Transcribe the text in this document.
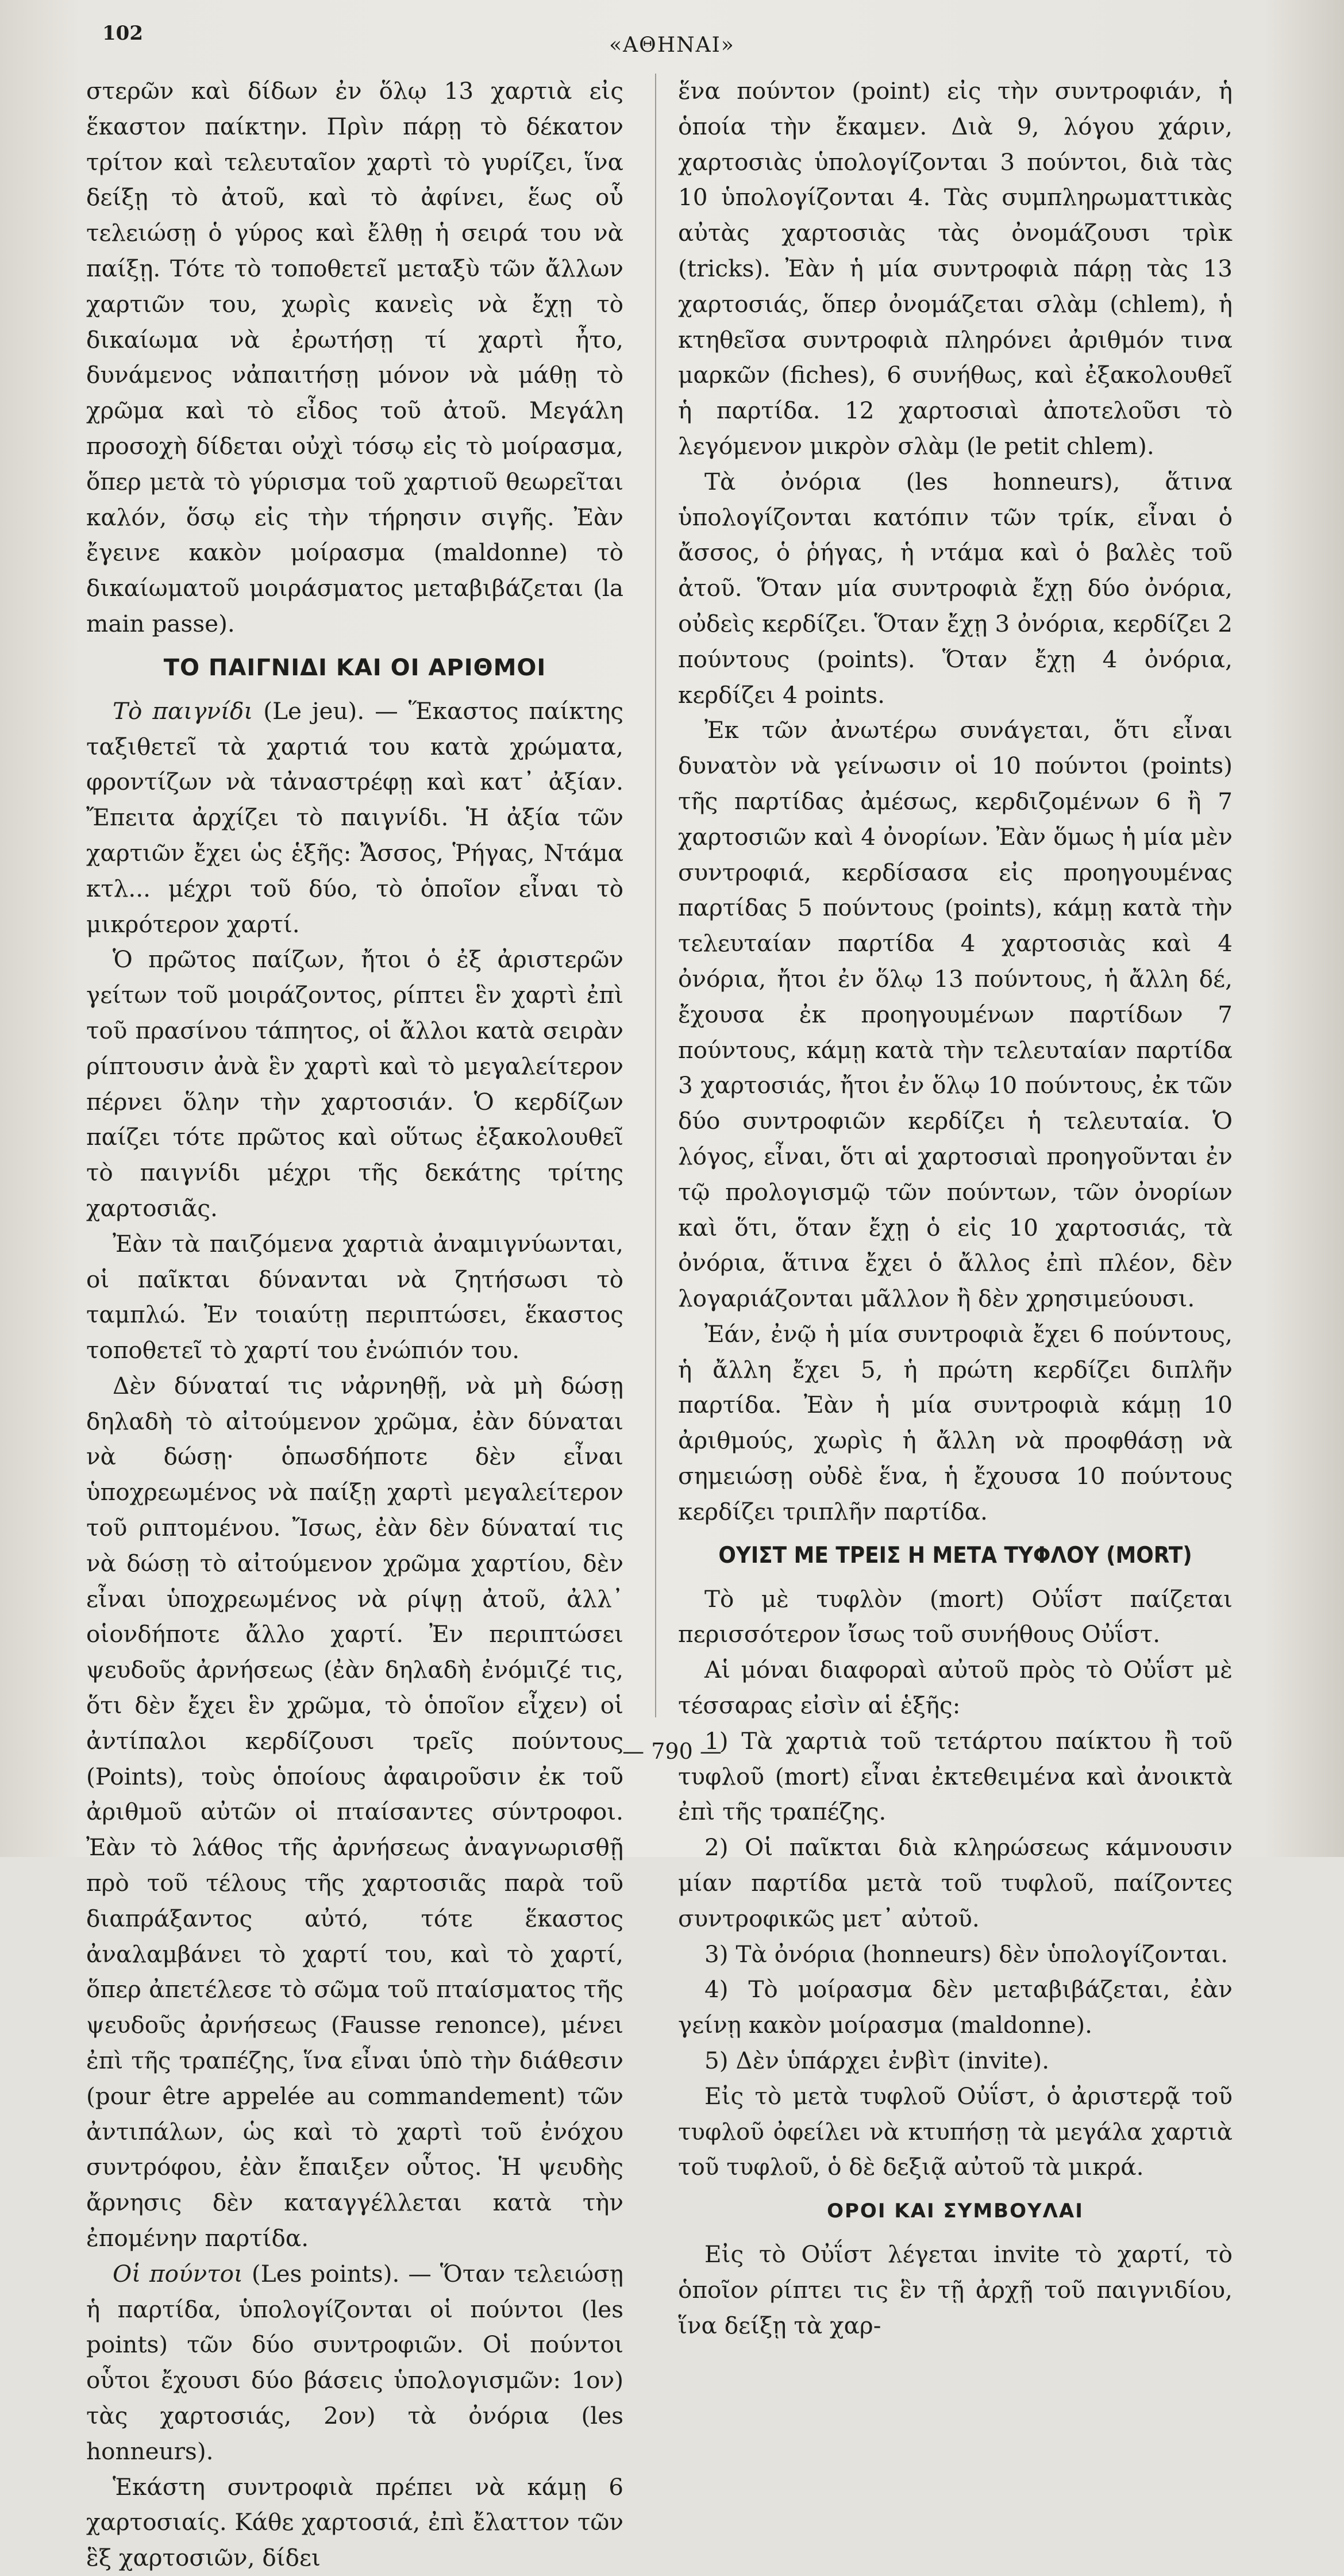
102	«ΑΘΗΝΑΙ»

στερῶν καὶ δίδων ἐν ὅλῳ 13 χαρτιὰ εἰς ἕκαστον παίκτην. Πρὶν πάρῃ τὸ δέκατον τρίτον καὶ τελευταῖον χαρτὶ τὸ γυρίζει, ἵνα δείξῃ τὸ ἀτοῦ, καὶ τὸ ἀφίνει, ἕως οὗ τελειώσῃ ὁ γύρος καὶ ἔλθῃ ἡ σειρά του νὰ παίξῃ. Τότε τὸ τοποθετεῖ μεταξὺ τῶν ἄλλων χαρτιῶν του, χωρὶς κανεὶς νὰ ἔχῃ τὸ δικαίωμα νὰ ἐρωτήσῃ τί χαρτὶ ἦτο, δυνάμενος νἀπαιτήσῃ μόνον νὰ μάθῃ τὸ χρῶμα καὶ τὸ εἶδος τοῦ ἀτοῦ. Μεγάλη προσοχὴ δίδεται οὐχὶ τόσῳ εἰς τὸ μοίρασμα, ὅπερ μετὰ τὸ γύρισμα τοῦ χαρτιοῦ θεωρεῖται καλόν, ὅσῳ εἰς τὴν τήρησιν σιγῆς. Ἐὰν ἔγεινε κακὸν μοίρασμα (maldonne) τὸ δικαίωματοῦ μοιράσματος μεταβιβάζεται (la main passe).

ΤΟ ΠΑΙΓΝΙΔΙ ΚΑΙ ΟΙ ΑΡΙΘΜΟΙ

Τὸ παιγνίδι (Le jeu). — Ἕκαστος παίκτης ταξιθετεῖ τὰ χαρτιά του κατὰ χρώματα, φροντίζων νὰ τἀναστρέφῃ καὶ κατ᾽ ἀξίαν. Ἔπειτα ἀρχίζει τὸ παιγνίδι. Ἡ ἀξία τῶν χαρτιῶν ἔχει ὡς ἑξῆς: Ἄσσος, Ῥήγας, Ντάμα κτλ... μέχρι τοῦ δύο, τὸ ὁποῖον εἶναι τὸ μικρότερον χαρτί.

Ὁ πρῶτος παίζων, ἤτοι ὁ ἐξ ἀριστερῶν γείτων τοῦ μοιράζοντος, ρίπτει ἓν χαρτὶ ἐπὶ τοῦ πρασίνου τάπητος, οἱ ἄλλοι κατὰ σειρὰν ρίπτουσιν ἀνὰ ἓν χαρτὶ καὶ τὸ μεγαλείτερον πέρνει ὅλην τὴν χαρτοσιάν. Ὁ κερδίζων παίζει τότε πρῶτος καὶ οὕτως ἐξακολουθεῖ τὸ παιγνίδι μέχρι τῆς δεκάτης τρίτης χαρτοσιᾶς.

Ἐὰν τὰ παιζόμενα χαρτιὰ ἀναμιγνύωνται, οἱ παῖκται δύνανται νὰ ζητήσωσι τὸ ταμπλώ. Ἐν τοιαύτῃ περιπτώσει, ἕκαστος τοποθετεῖ τὸ χαρτί του ἐνώπιόν του.

Δὲν δύναταί τις νἀρνηθῇ, νὰ μὴ δώσῃ δηλαδὴ τὸ αἰτούμενον χρῶμα, ἐὰν δύναται νὰ δώσῃ· ὁπωσδήποτε δὲν εἶναι ὑποχρεωμένος νὰ παίξῃ χαρτὶ μεγαλείτερον τοῦ ριπτομένου. Ἴσως, ἐὰν δὲν δύναταί τις νὰ δώσῃ τὸ αἰτούμενον χρῶμα χαρτίου, δὲν εἶναι ὑποχρεωμένος νὰ ρίψῃ ἀτοῦ, ἀλλ᾽ οἱονδήποτε ἄλλο χαρτί. Ἐν περιπτώσει ψευδοῦς ἀρνήσεως (ἐὰν δηλαδὴ ἐνόμιζέ τις, ὅτι δὲν ἔχει ἓν χρῶμα, τὸ ὁποῖον εἶχεν) οἱ ἀντίπαλοι κερδίζουσι τρεῖς πούντους (Points), τοὺς ὁποίους ἀφαιροῦσιν ἐκ τοῦ ἀριθμοῦ αὐτῶν οἱ πταίσαντες σύντροφοι. Ἐὰν τὸ λάθος τῆς ἀρνήσεως ἀναγνωρισθῇ πρὸ τοῦ τέλους τῆς χαρτοσιᾶς παρὰ τοῦ διαπράξαντος αὐτό, τότε ἕκαστος ἀναλαμβάνει τὸ χαρτί του, καὶ τὸ χαρτί, ὅπερ ἀπετέλεσε τὸ σῶμα τοῦ πταίσματος τῆς ψευδοῦς ἀρνήσεως (Fausse renonce), μένει ἐπὶ τῆς τραπέζης, ἵνα εἶναι ὑπὸ τὴν διάθεσιν (pour être appelée au commandement) τῶν ἀντιπάλων, ὡς καὶ τὸ χαρτὶ τοῦ ἐνόχου συντρόφου, ἐὰν ἔπαιξεν οὗτος. Ἡ ψευδὴς ἄρνησις δὲν καταγγέλλεται κατὰ τὴν ἐπομένην παρτίδα.

Οἱ πούντοι (Les points). — Ὅταν τελειώσῃ ἡ παρτίδα, ὑπολογίζονται οἱ πούντοι (les points) τῶν δύο συντροφιῶν. Οἱ πούντοι οὗτοι ἔχουσι δύο βάσεις ὑπολογισμῶν: 1ον) τὰς χαρτοσιάς, 2ον) τὰ ὀνόρια (les honneurs).

Ἑκάστη συντροφιὰ πρέπει νὰ κάμῃ 6 χαρτοσιαίς. Κάθε χαρτοσιά, ἐπὶ ἔλαττον τῶν ἓξ χαρτοσιῶν, δίδει

ἕνα πούντον (point) εἰς τὴν συντροφιάν, ἡ ὁποία τὴν ἔκαμεν. Διὰ 9, λόγου χάριν, χαρτοσιὰς ὑπολογίζονται 3 πούντοι, διὰ τὰς 10 ὑπολογίζονται 4. Τὰς συμπληρωματτικὰς αὐτὰς χαρτοσιὰς τὰς ὀνομάζουσι τρὶκ (tricks). Ἐὰν ἡ μία συντροφιὰ πάρῃ τὰς 13 χαρτοσιάς, ὅπερ ὀνομάζεται σλὰμ (chlem), ἡ κτηθεῖσα συντροφιὰ πληρόνει ἀριθμόν τινα μαρκῶν (fiches), 6 συνήθως, καὶ ἐξακολουθεῖ ἡ παρτίδα. 12 χαρτοσιαὶ ἀποτελοῦσι τὸ λεγόμενον μικρὸν σλὰμ (le petit chlem).

Τὰ ὀνόρια (les honneurs), ἅτινα ὑπολογίζονται κατόπιν τῶν τρίκ, εἶναι ὁ ἄσσος, ὁ ῥήγας, ἡ ντάμα καὶ ὁ βαλὲς τοῦ ἀτοῦ. Ὅταν μία συντροφιὰ ἔχῃ δύο ὀνόρια, οὐδεὶς κερδίζει. Ὅταν ἔχῃ 3 ὀνόρια, κερδίζει 2 πούντους (points). Ὅταν ἔχῃ 4 ὀνόρια, κερδίζει 4 points.

Ἐκ τῶν ἀνωτέρω συνάγεται, ὅτι εἶναι δυνατὸν νὰ γείνωσιν οἱ 10 πούντοι (points) τῆς παρτίδας ἀμέσως, κερδιζομένων 6 ἢ 7 χαρτοσιῶν καὶ 4 ὀνορίων. Ἐὰν ὅμως ἡ μία μὲν συντροφιά, κερδίσασα εἰς προηγουμένας παρτίδας 5 πούντους (points), κάμῃ κατὰ τὴν τελευταίαν παρτίδα 4 χαρτοσιὰς καὶ 4 ὀνόρια, ἤτοι ἐν ὅλῳ 13 πούντους, ἡ ἄλλη δέ, ἔχουσα ἐκ προηγουμένων παρτίδων 7 πούντους, κάμῃ κατὰ τὴν τελευταίαν παρτίδα 3 χαρτοσιάς, ἤτοι ἐν ὅλῳ 10 πούντους, ἐκ τῶν δύο συντροφιῶν κερδίζει ἡ τελευταία. Ὁ λόγος, εἶναι, ὅτι αἱ χαρτοσιαὶ προηγοῦνται ἐν τῷ προλογισμῷ τῶν πούντων, τῶν ὀνορίων καὶ ὅτι, ὅταν ἔχῃ ὁ εἰς 10 χαρτοσιάς, τὰ ὀνόρια, ἅτινα ἔχει ὁ ἄλλος ἐπὶ πλέον, δὲν λογαριάζονται μᾶλλον ἢ δὲν χρησιμεύουσι.

Ἐάν, ἐνῷ ἡ μία συντροφιὰ ἔχει 6 πούντους, ἡ ἄλλη ἔχει 5, ἡ πρώτη κερδίζει διπλῆν παρτίδα. Ἐὰν ἡ μία συντροφιὰ κάμῃ 10 ἀριθμούς, χωρὶς ἡ ἄλλη νὰ προφθάσῃ νὰ σημειώσῃ οὐδὲ ἕνα, ἡ ἔχουσα 10 πούντους κερδίζει τριπλῆν παρτίδα.

ΟΥΙΣΤ ΜΕ ΤΡΕΙΣ Η ΜΕΤΑ ΤΥΦΛΟΥ (MORT)

Τὸ μὲ τυφλὸν (mort) Οὐΐστ παίζεται περισσότερον ἴσως τοῦ συνήθους Οὐΐστ.

Αἱ μόναι διαφοραὶ αὐτοῦ πρὸς τὸ Οὐΐστ μὲ τέσσαρας εἰσὶν αἱ ἑξῆς:

1) Τὰ χαρτιὰ τοῦ τετάρτου παίκτου ἢ τοῦ τυφλοῦ (mort) εἶναι ἐκτεθειμένα καὶ ἀνοικτὰ ἐπὶ τῆς τραπέζης.

2) Οἱ παῖκται διὰ κληρώσεως κάμνουσιν μίαν παρτίδα μετὰ τοῦ τυφλοῦ, παίζοντες συντροφικῶς μετ᾽ αὐτοῦ.

3) Τὰ ὀνόρια (honneurs) δὲν ὑπολογίζονται.

4) Τὸ μοίρασμα δὲν μεταβιβάζεται, ἐὰν γείνῃ κακὸν μοίρασμα (maldonne).

5) Δὲν ὑπάρχει ἐνβὶτ (invite).

Εἰς τὸ μετὰ τυφλοῦ Οὐΐστ, ὁ ἀριστερᾷ τοῦ τυφλοῦ ὀφείλει νὰ κτυπήσῃ τὰ μεγάλα χαρτιὰ τοῦ τυφλοῦ, ὁ δὲ δεξιᾷ αὐτοῦ τὰ μικρά.

ΟΡΟΙ ΚΑΙ ΣΥΜΒΟΥΛΑΙ

Εἰς τὸ Οὐΐστ λέγεται invite τὸ χαρτί, τὸ ὁποῖον ρίπτει τις ἓν τῇ ἀρχῇ τοῦ παιγνιδίου, ἵνα δείξῃ τὰ χαρ-

— 790 —
